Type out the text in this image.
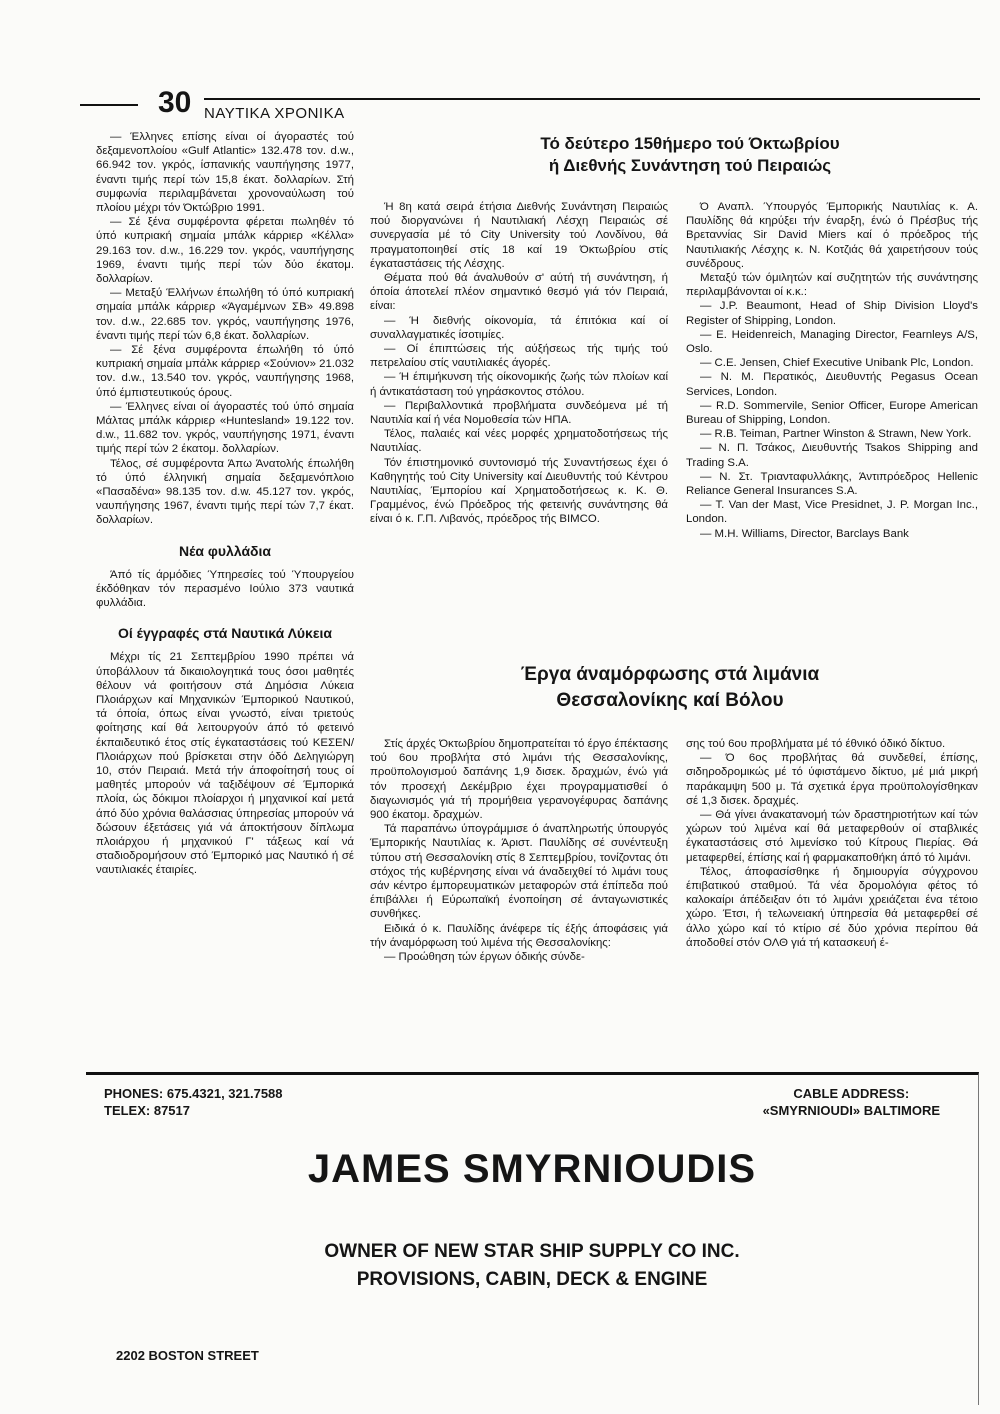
30 ΝΑΥΤΙΚΑ ΧΡΟΝΙΚΑ

— Έλληνες επίσης είναι οί άγοραστές τού δεξαμενοπλοίου «Gulf Atlantic» 132.478 τον. d.w., 66.942 τον. γκρός, ίσπανικής ναυπήγησης 1977, έναντι τιμής περί τών 15,8 έκατ. δολλαρίων. Στή συμφωνία περιλαμβάνεται χρονοναύλωση τού πλοίου μέχρι τόν Όκτώβριο 1991.

— Σέ ξένα συμφέροντα φέρεται πωληθέν τό ύπό κυπριακή σημαία μπάλκ κάρριερ «Κέλλα» 29.163 τον. d.w., 16.229 τον. γκρός, ναυπήγησης 1969, έναντι τιμής περί τών δύο έκατομ. δολλαρίων.

— Μεταξύ Έλλήνων έπωλήθη τό ύπό κυπριακή σημαία μπάλκ κάρριερ «Άγαμέμνων ΣΒ» 49.898 τον. d.w., 22.685 τον. γκρός, ναυπήγησης 1976, έναντι τιμής περί τών 6,8 έκατ. δολλαρίων.

— Σέ ξένα συμφέροντα έπωλήθη τό ύπό κυπριακή σημαία μπάλκ κάρριερ «Σούνιον» 21.032 τον. d.w., 13.540 τον. γκρός, ναυπήγησης 1968, ύπό έμπιστευτικούς όρους.

— Έλληνες είναι οί άγοραστές τού ύπό σημαία Μάλτας μπάλκ κάρριερ «Huntesland» 19.122 τον. d.w., 11.682 τον. γκρός, ναυπήγησης 1971, έναντι τιμής περί τών 2 έκατομ. δολλαρίων.

Τέλος, σέ συμφέροντα Άπω Άνατολής έπωλήθη τό ύπό έλληνική σημαία δεξαμενόπλοιο «Πασαδένα» 98.135 τον. d.w. 45.127 τον. γκρός, ναυπήγησης 1967, έναντι τιμής περί τών 7,7 έκατ. δολλαρίων.

Νέα φυλλάδια

Άπό τίς άρμόδιες Ύπηρεσίες τού Ύπουργείου έκδόθηκαν τόν περασμένο Ιούλιο 373 ναυτικά φυλλάδια.

Οί έγγραφές στά Ναυτικά Λύκεια

Μέχρι τίς 21 Σεπτεμβρίου 1990 πρέπει νά ύποβάλλουν τά δικαιολογητικά τους όσοι μαθητές θέλουν νά φοιτήσουν στά Δημόσια Λύκεια Πλοιάρχων καί Μηχανικών Έμπορικού Ναυτικού, τά όποία, όπως είναι γνωστό, είναι τριετούς φοίτησης καί θά λειτουργούν άπό τό φετεινό έκπαιδευτικό έτος στίς έγκαταστάσεις τού ΚΕΣΕΝ/Πλοιάρχων πού βρίσκεται στην όδό Δεληγιώργη 10, στόν Πειραιά. Μετά τήν άποφοίτησή τους οί μαθητές μπορούν νά ταξιδέψουν σέ Έμπορικά πλοία, ώς δόκιμοι πλοίαρχοι ή μηχανικοί καί μετά άπό δύο χρόνια θαλάσσιας ύπηρεσίας μπορούν νά δώσουν έξετάσεις γιά νά άποκτήσουν δίπλωμα πλοιάρχου ή μηχανικού Γ' τάξεως καί νά σταδιοδρομήσουν στό Έμπορικό μας Ναυτικό ή σέ ναυτιλιακές έταιρίες.

Τό δεύτερο 15θήμερο τού Όκτωβρίου
ή Διεθνής Συνάντηση τού Πειραιώς

Ή 8η κατά σειρά έτήσια Διεθνής Συνάντηση Πειραιώς πού διοργανώνει ή Ναυτιλιακή Λέσχη Πειραιώς σέ συνεργασία μέ τό City University τού Λονδίνου, θά πραγματοποιηθεί στίς 18 καί 19 Όκτωβρίου στίς έγκαταστάσεις τής Λέσχης.

Θέματα πού θά άναλυθούν σ' αύτή τή συνάντηση, ή όποία άποτελεί πλέον σημαντικό θεσμό γιά τόν Πειραιά, είναι:

— Ή διεθνής οίκονομία, τά έπιτόκια καί οί συναλλαγματικές ίσοτιμίες.

— Οί έπιπτώσεις τής αύξήσεως τής τιμής τού πετρελαίου στίς ναυτιλιακές άγορές.

— Ή έπιμήκυνση τής οίκονομικής ζωής τών πλοίων καί ή άντικατάσταση τού γηράσκοντος στόλου.

— Περιβαλλοντικά προβλήματα συνδεόμενα μέ τή Ναυτιλία καί ή νέα Νομοθεσία τών ΗΠΑ.

Τέλος, παλαιές καί νέες μορφές χρηματοδοτήσεως τής Ναυτιλίας.

Τόν έπιστημονικό συντονισμό τής Συναντήσεως έχει ό Καθηγητής τού City University καί Διευθυντής τού Κέντρου Ναυτιλίας, Έμπορίου καί Χρηματοδοτήσεως κ. Κ. Θ. Γραμμένος, ένώ Πρόεδρος τής φετεινής συνάντησης θά είναι ό κ. Γ.Π. Λιβανός, πρόεδρος τής BIMCO.

Ό Αναπλ. Ύπουργός Έμπορικής Ναυτιλίας κ. Α. Παυλίδης θά κηρύξει τήν έναρξη, ένώ ό Πρέσβυς τής Βρεταννίας Sir David Miers καί ό πρόεδρος τής Ναυτιλιακής Λέσχης κ. Ν. Κοτζιάς θά χαιρετήσουν τούς συνέδρους.

Μεταξύ τών όμιλητών καί συζητητών τής συνάντησης περιλαμβάνονται οί κ.κ.:

— J.P. Beaumont, Head of Ship Division Lloyd's Register of Shipping, London.

— E. Heidenreich, Managing Director, Fearnleys A/S, Oslo.

— C.E. Jensen, Chief Executive Unibank Plc, London.

— Ν. Μ. Περατικός, Διευθυντής Pegasus Ocean Services, London.

— R.D. Sommervile, Senior Officer, Europe American Bureau of Shipping, London.

— R.B. Teiman, Partner Winston & Strawn, New York.

— Ν. Π. Τσάκος, Διευθυντής Tsakos Shipping and Trading S.A.

— Ν. Στ. Τριανταφυλλάκης, Άντιπρόεδρος Hellenic Reliance General Insurances S.A.

— T. Van der Mast, Vice Presidnet, J. P. Morgan Inc., London.

— M.H. Williams, Director, Barclays Bank

Έργα άναμόρφωσης στά λιμάνια
Θεσσαλονίκης καί Βόλου

Στίς άρχές Όκτωβρίου δημοπρατείται τό έργο έπέκτασης τού 6ου προβλήτα στό λιμάνι τής Θεσσαλονίκης, προϋπολογισμού δαπάνης 1,9 δισεκ. δραχμών, ένώ γιά τόν προσεχή Δεκέμβριο έχει προγραμματισθεί ό διαγωνισμός γιά τή προμήθεια γερανογέφυρας δαπάνης 900 έκατομ. δραχμών.

Τά παραπάνω ύπογράμμισε ό άναπληρωτής ύπουργός Έμπορικής Ναυτιλίας κ. Άριστ. Παυλίδης σέ συνέντευξη τύπου στή Θεσσαλονίκη στίς 8 Σεπτεμβρίου, τονίζοντας ότι στόχος τής κυβέρνησης είναι νά άναδειχθεί τό λιμάνι τους σάν κέντρο έμπορευματικών μεταφορών στά έπίπεδα πού έπιβάλλει ή Εύρωπαϊκή ένοποίηση σέ άνταγωνιστικές συνθήκες.

Ειδικά ό κ. Παυλίδης άνέφερε τίς έξής άποφάσεις γιά τήν άναμόρφωση τού λιμένα τής Θεσσαλονίκης:

— Προώθηση τών έργων όδικής σύνδε-

σης τού 6ου προβλήματα μέ τό έθνικό όδικό δίκτυο.

— Ό 6ος προβλήτας θά συνδεθεί, έπίσης, σιδηροδρομικώς μέ τό ύφιστάμενο δίκτυο, μέ μιά μικρή παράκαμψη 500 μ. Τά σχετικά έργα προϋπολογίσθηκαν σέ 1,3 δισεκ. δραχμές.

— Θά γίνει άνακατανομή τών δραστηριοτήτων καί τών χώρων τού λιμένα καί θά μεταφερθούν οί σταβλικές έγκαταστάσεις στό λιμενίσκο τού Κίτρους Πιερίας. Θά μεταφερθεί, έπίσης καί ή φαρμακαποθήκη άπό τό λιμάνι.

Τέλος, άποφασίσθηκε ή δημιουργία σύγχρονου έπιβατικού σταθμού. Τά νέα δρομολόγια φέτος τό καλοκαίρι άπέδειξαν ότι τό λιμάνι χρειάζεται ένα τέτοιο χώρο. Έτσι, ή τελωνειακή ύπηρεσία θά μεταφερθεί σέ άλλο χώρο καί τό κτίριο σέ δύο χρόνια περίπου θά άποδοθεί στόν ΟΛΘ γιά τή κατασκευή έ-

PHONES: 675.4321, 321.7588
TELEX: 87517
CABLE ADDRESS:
«SMYRNIOUDI» BALTIMORE
JAMES SMYRNIOUDIS
OWNER OF NEW STAR SHIP SUPPLY CO INC.
PROVISIONS, CABIN, DECK & ENGINE
2202 BOSTON STREET
